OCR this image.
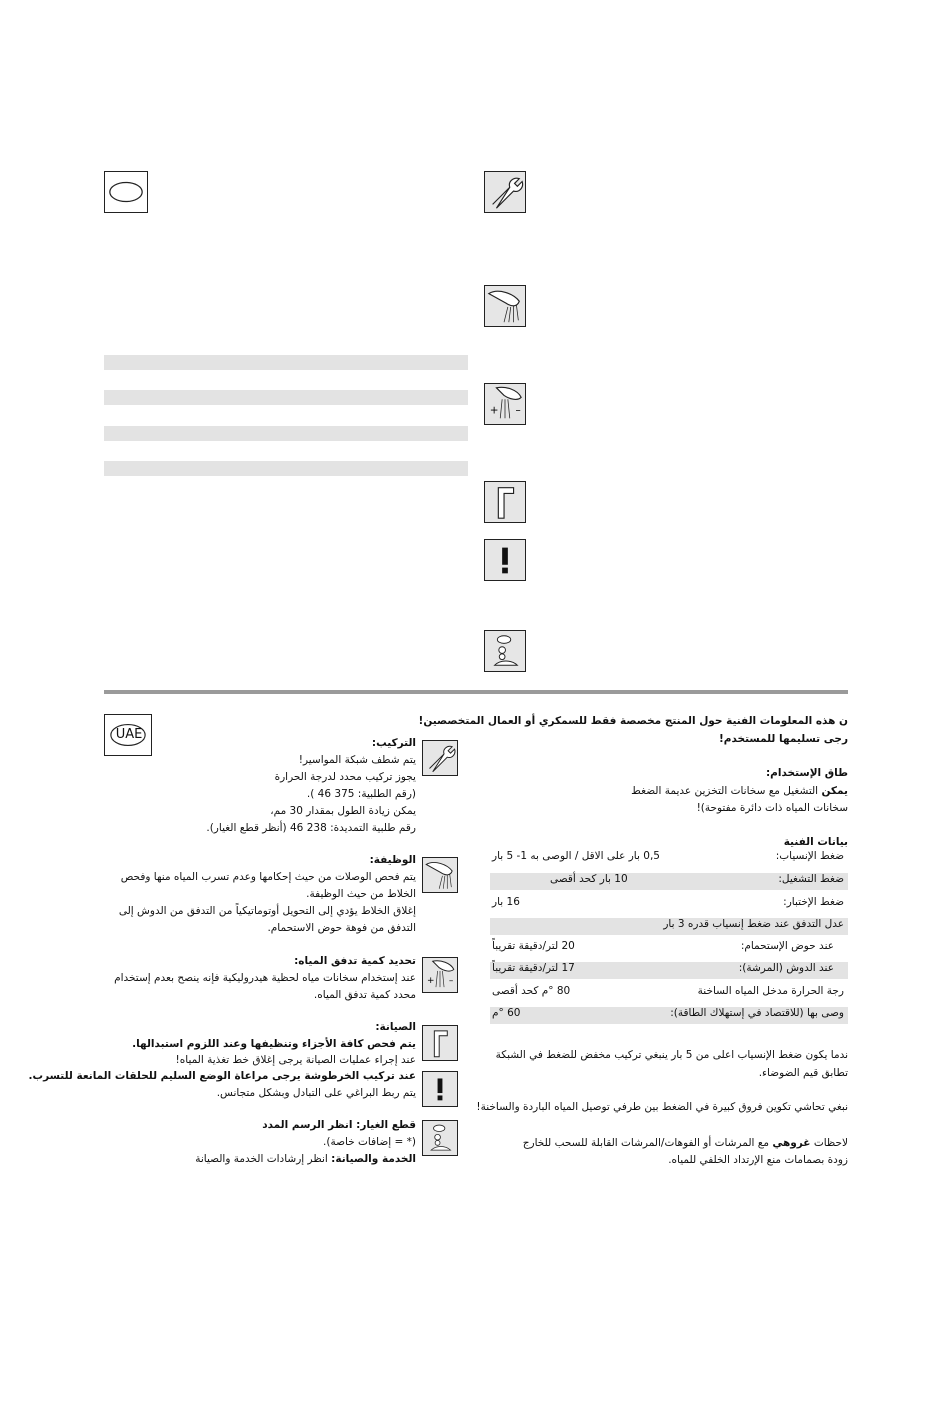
+ –
ن هذه المعلومات الفنية حول المنتج مخصصة فقط للسمكري أو العمال المتخصصين!
رجى تسليمها للمستخدم!
طاق الإستخدام:
يمكن التشغيل مع سخانات التخزين عديمة الضغط
سخانات المياه ذات دائرة مفتوحة)!
بيانات الفنية
ضغط الإنسياب:
0,5 بار على الاقل / الوصى به 1- 5 بار
ضغط التشغيل:
10 بار كحد أقصى
ضغط الإختبار:
16 بار
عدل التدفق عند ضغط إنسياب قدره 3 بار
عند حوض الإستحمام:
20 لتر/دقيقة تقريباً
عند الدوش (المرشة):
17 لتر/دقيقة تقريباً
رجة الحرارة مدخل المياه الساخنة
80 °م كحد أقصى
وصى بها (للاقتصاد في إستهلاك الطاقة):
60 °م
ندما يكون ضغط الإنسياب اعلى من 5 بار ينبغي تركيب مخفض للضغط في الشبكة
تطابق قيم الضوضاء.
نبغي تحاشي تكوين فروق كبيرة في الضغط بين طرفي توصيل المياه الباردة والساخنة!
لاحظات غروهي مع المرشات أو الفوهات/المرشات القابلة للسحب للخارج
زودة بصمامات منع الإرتداد الخلفي للمياه.
UAE
التركيب:
يتم شطف شبكة المواسير!
يجوز تركيب محدد لدرجة الحرارة
(رقم الطلبية: 375 46 ).
يمكن زيادة الطول بمقدار 30 مم،
رقم طلبية التمديدة: 238 46 (أنظر قطع الغيار).
الوظيفة:
يتم فحص الوصلات من حيث إحكامها وعدم تسرب المياه منها وفحص
الخلاط من حيث الوظيفة.
إغلاق الخلاط يؤدي إلى التحويل أوتوماتيكياً من التدفق من الدوش إلى
التدفق من فوهة حوض الاستحمام.
+ –
تحديد كمية تدفق المياه:
عند إستخدام سخانات مياه لحظية هيدروليكية فإنه ينصح بعدم إستخدام
محدد كمية تدفق المياه.
الصيانة:
يتم فحص كافة الأجزاء وتنظيفها وعند اللزوم استبدالها.
عند إجراء عمليات الصيانة يرجى إغلاق خط تغذية المياه!
عند تركيب الخرطوشة يرجى مراعاة الوضع السليم للحلقات المانعة للتسرب.
يتم ربط البراغي على التبادل وبشكل متجانس.
قطع الغيار: انظر الرسم المدد
(* = إضافات خاصة).
الخدمة والصيانة: انظر إرشادات الخدمة والصيانة
